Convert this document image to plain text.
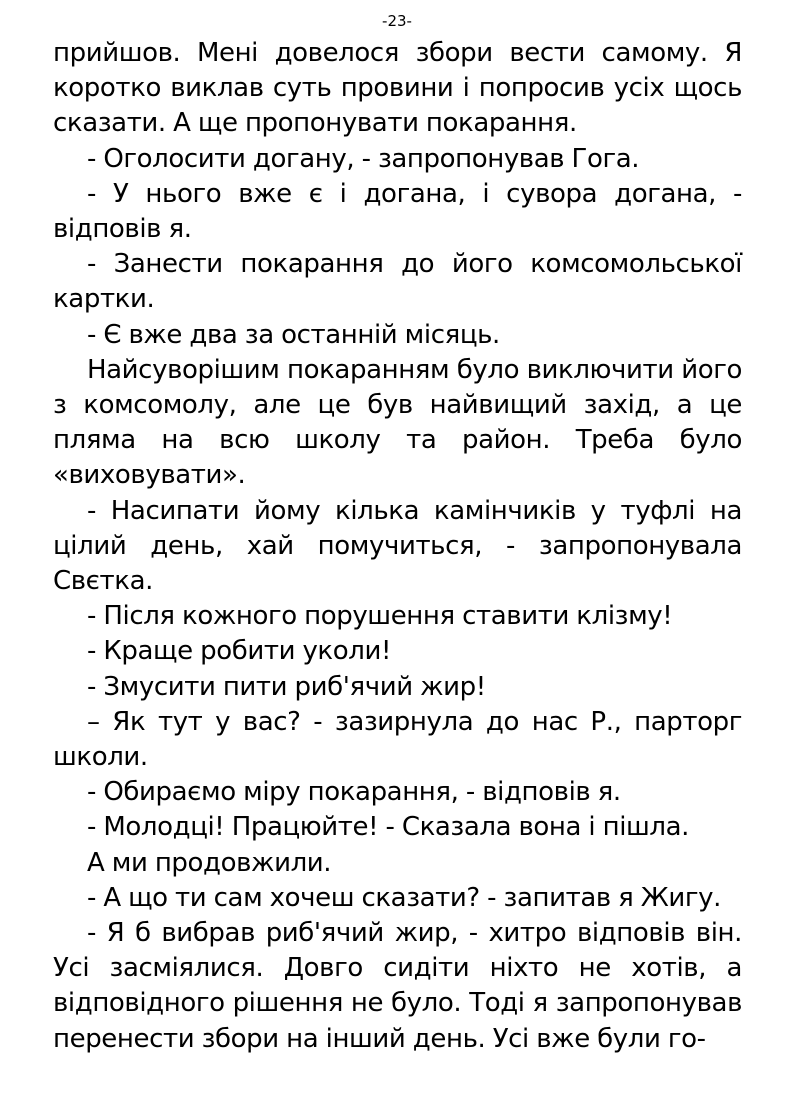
-23-

прийшов. Мені довелося збори вести самому. Я коротко виклав суть провини і попросив усіх щось сказати. А ще пропонувати покарання.

- Оголосити догану, - запропонував Гога.

- У нього вже є і догана, і сувора догана, - відповів я.

- Занести покарання до його комсомольської картки.

- Є вже два за останній місяць.

Найсуворішим покаранням було виключити його з комсомолу, але це був найвищий захід, а це пляма на всю школу та район. Треба було «виховувати».

- Насипати йому кілька камінчиків у туфлі на цілий день, хай помучиться, - запропонувала Свєтка.

- Після кожного порушення ставити клізму!

- Краще робити уколи!

- Змусити пити риб'ячий жир!

– Як тут у вас? - зазирнула до нас Р., парторг школи.

- Обираємо міру покарання, - відповів я.

- Молодці! Працюйте! - Сказала вона і пішла.

А ми продовжили.

- А що ти сам хочеш сказати? - запитав я Жигу.

- Я б вибрав риб'ячий жир, - хитро відповів він. Усі засміялися. Довго сидіти ніхто не хотів, а відповідного рішення не було. Тоді я запропонував перенести збори на інший день. Усі вже були го-
